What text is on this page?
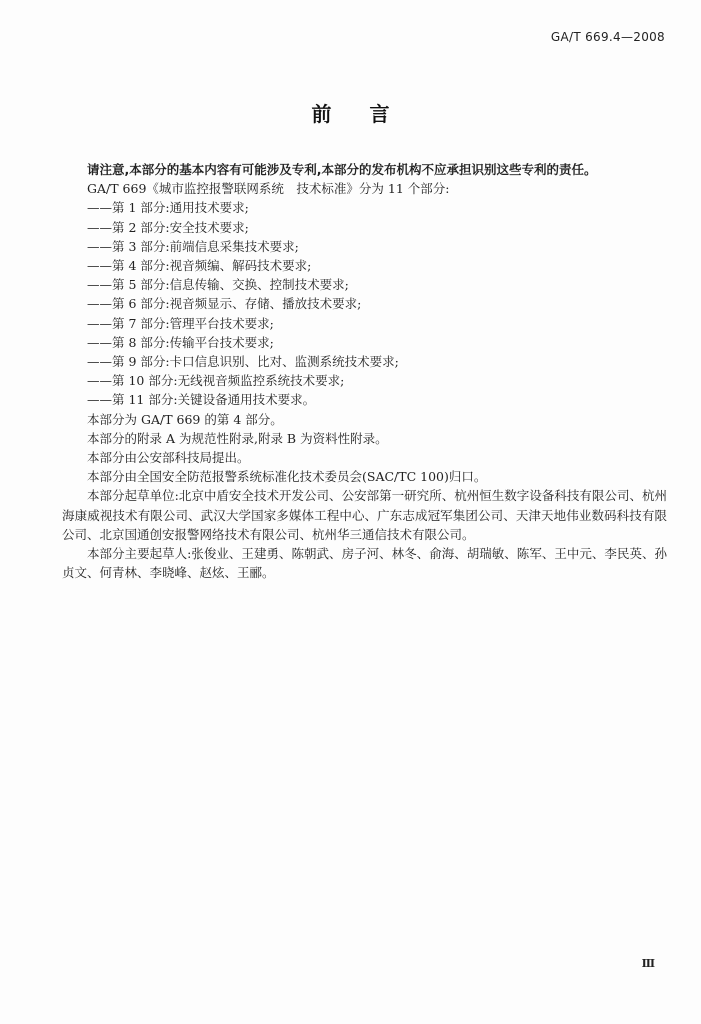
GA/T 669.4—2008
前言

请注意,本部分的基本内容有可能涉及专利,本部分的发布机构不应承担识别这些专利的责任。

GA/T 669《城市监控报警联网系统　技术标准》分为 11 个部分:

——第 1 部分:通用技术要求;

——第 2 部分:安全技术要求;

——第 3 部分:前端信息采集技术要求;

——第 4 部分:视音频编、解码技术要求;

——第 5 部分:信息传输、交换、控制技术要求;

——第 6 部分:视音频显示、存储、播放技术要求;

——第 7 部分:管理平台技术要求;

——第 8 部分:传输平台技术要求;

——第 9 部分:卡口信息识别、比对、监测系统技术要求;

——第 10 部分:无线视音频监控系统技术要求;

——第 11 部分:关键设备通用技术要求。

本部分为 GA/T 669 的第 4 部分。

本部分的附录 A 为规范性附录,附录 B 为资料性附录。

本部分由公安部科技局提出。

本部分由全国安全防范报警系统标准化技术委员会(SAC/TC 100)归口。

本部分起草单位:北京中盾安全技术开发公司、公安部第一研究所、杭州恒生数字设备科技有限公司、杭州海康威视技术有限公司、武汉大学国家多媒体工程中心、广东志成冠军集团公司、天津天地伟业数码科技有限公司、北京国通创安报警网络技术有限公司、杭州华三通信技术有限公司。

本部分主要起草人:张俊业、王建勇、陈朝武、房子河、林冬、俞海、胡瑞敏、陈军、王中元、李民英、孙贞文、何青林、李晓峰、赵炫、王郦。

Ⅲ
